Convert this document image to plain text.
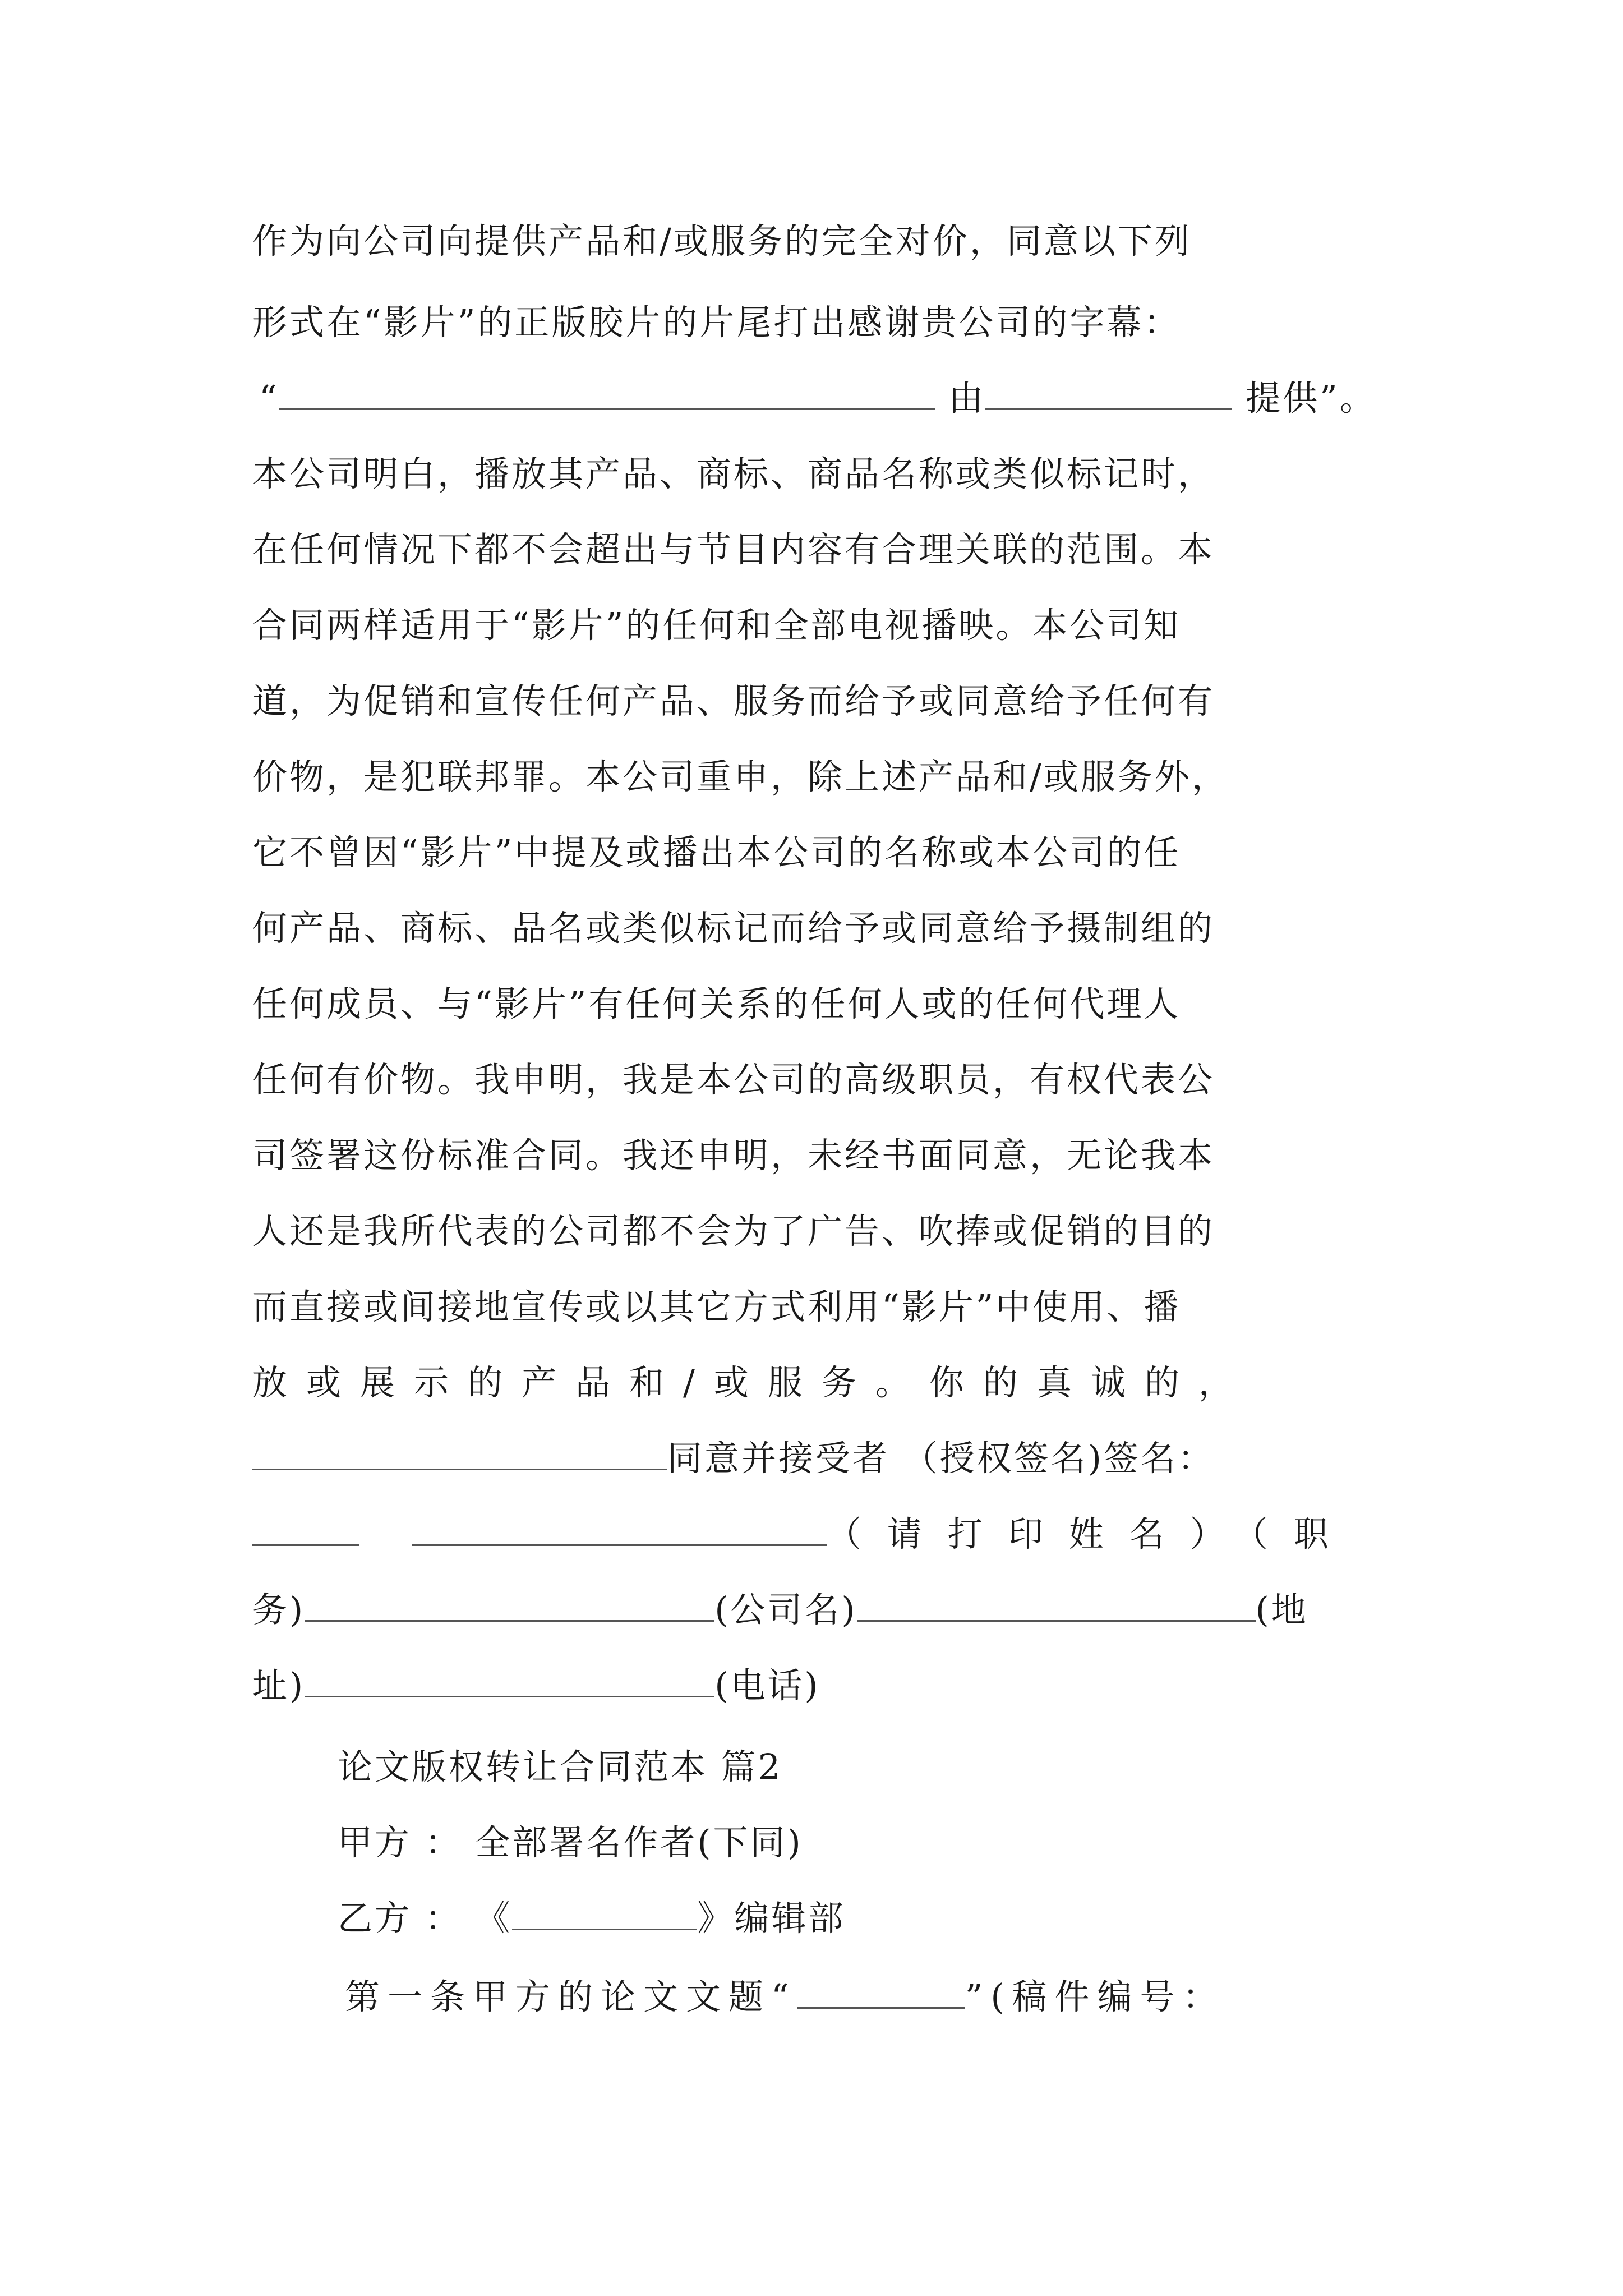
作为向公司向提供产品和/或服务的完全对价，同意以下列
形式在“影片”的正版胶片的片尾打出感谢贵公司的字幕：
“	由	提供”。
本公司明白，播放其产品、商标、商品名称或类似标记时，
在任何情况下都不会超出与节目内容有合理关联的范围。本
合同两样适用于“影片”的任何和全部电视播映。本公司知
道，为促销和宣传任何产品、服务而给予或同意给予任何有
价物，是犯联邦罪。本公司重申，除上述产品和/或服务外，
它不曾因“影片”中提及或播出本公司的名称或本公司的任
何产品、商标、品名或类似标记而给予或同意给予摄制组的
任何成员、与“影片”有任何关系的任何人或的任何代理人
任何有价物。我申明，我是本公司的高级职员，有权代表公
司签署这份标准合同。我还申明，未经书面同意，无论我本
人还是我所代表的公司都不会为了广告、吹捧或促销的目的
而直接或间接地宣传或以其它方式利用“影片”中使用、播
放或展示的产品和/或服务。你的真诚的，
同意并接受者 （授权签名)签名：
（请打印姓名）（职
务)	(公司名)	(地
址)	(电话)
论文版权转让合同范本 篇2
甲方 ： 全部署名作者(下同)
乙方 ： 《	》编辑部
第一条甲方的论文文题“	”(稿件编号：
